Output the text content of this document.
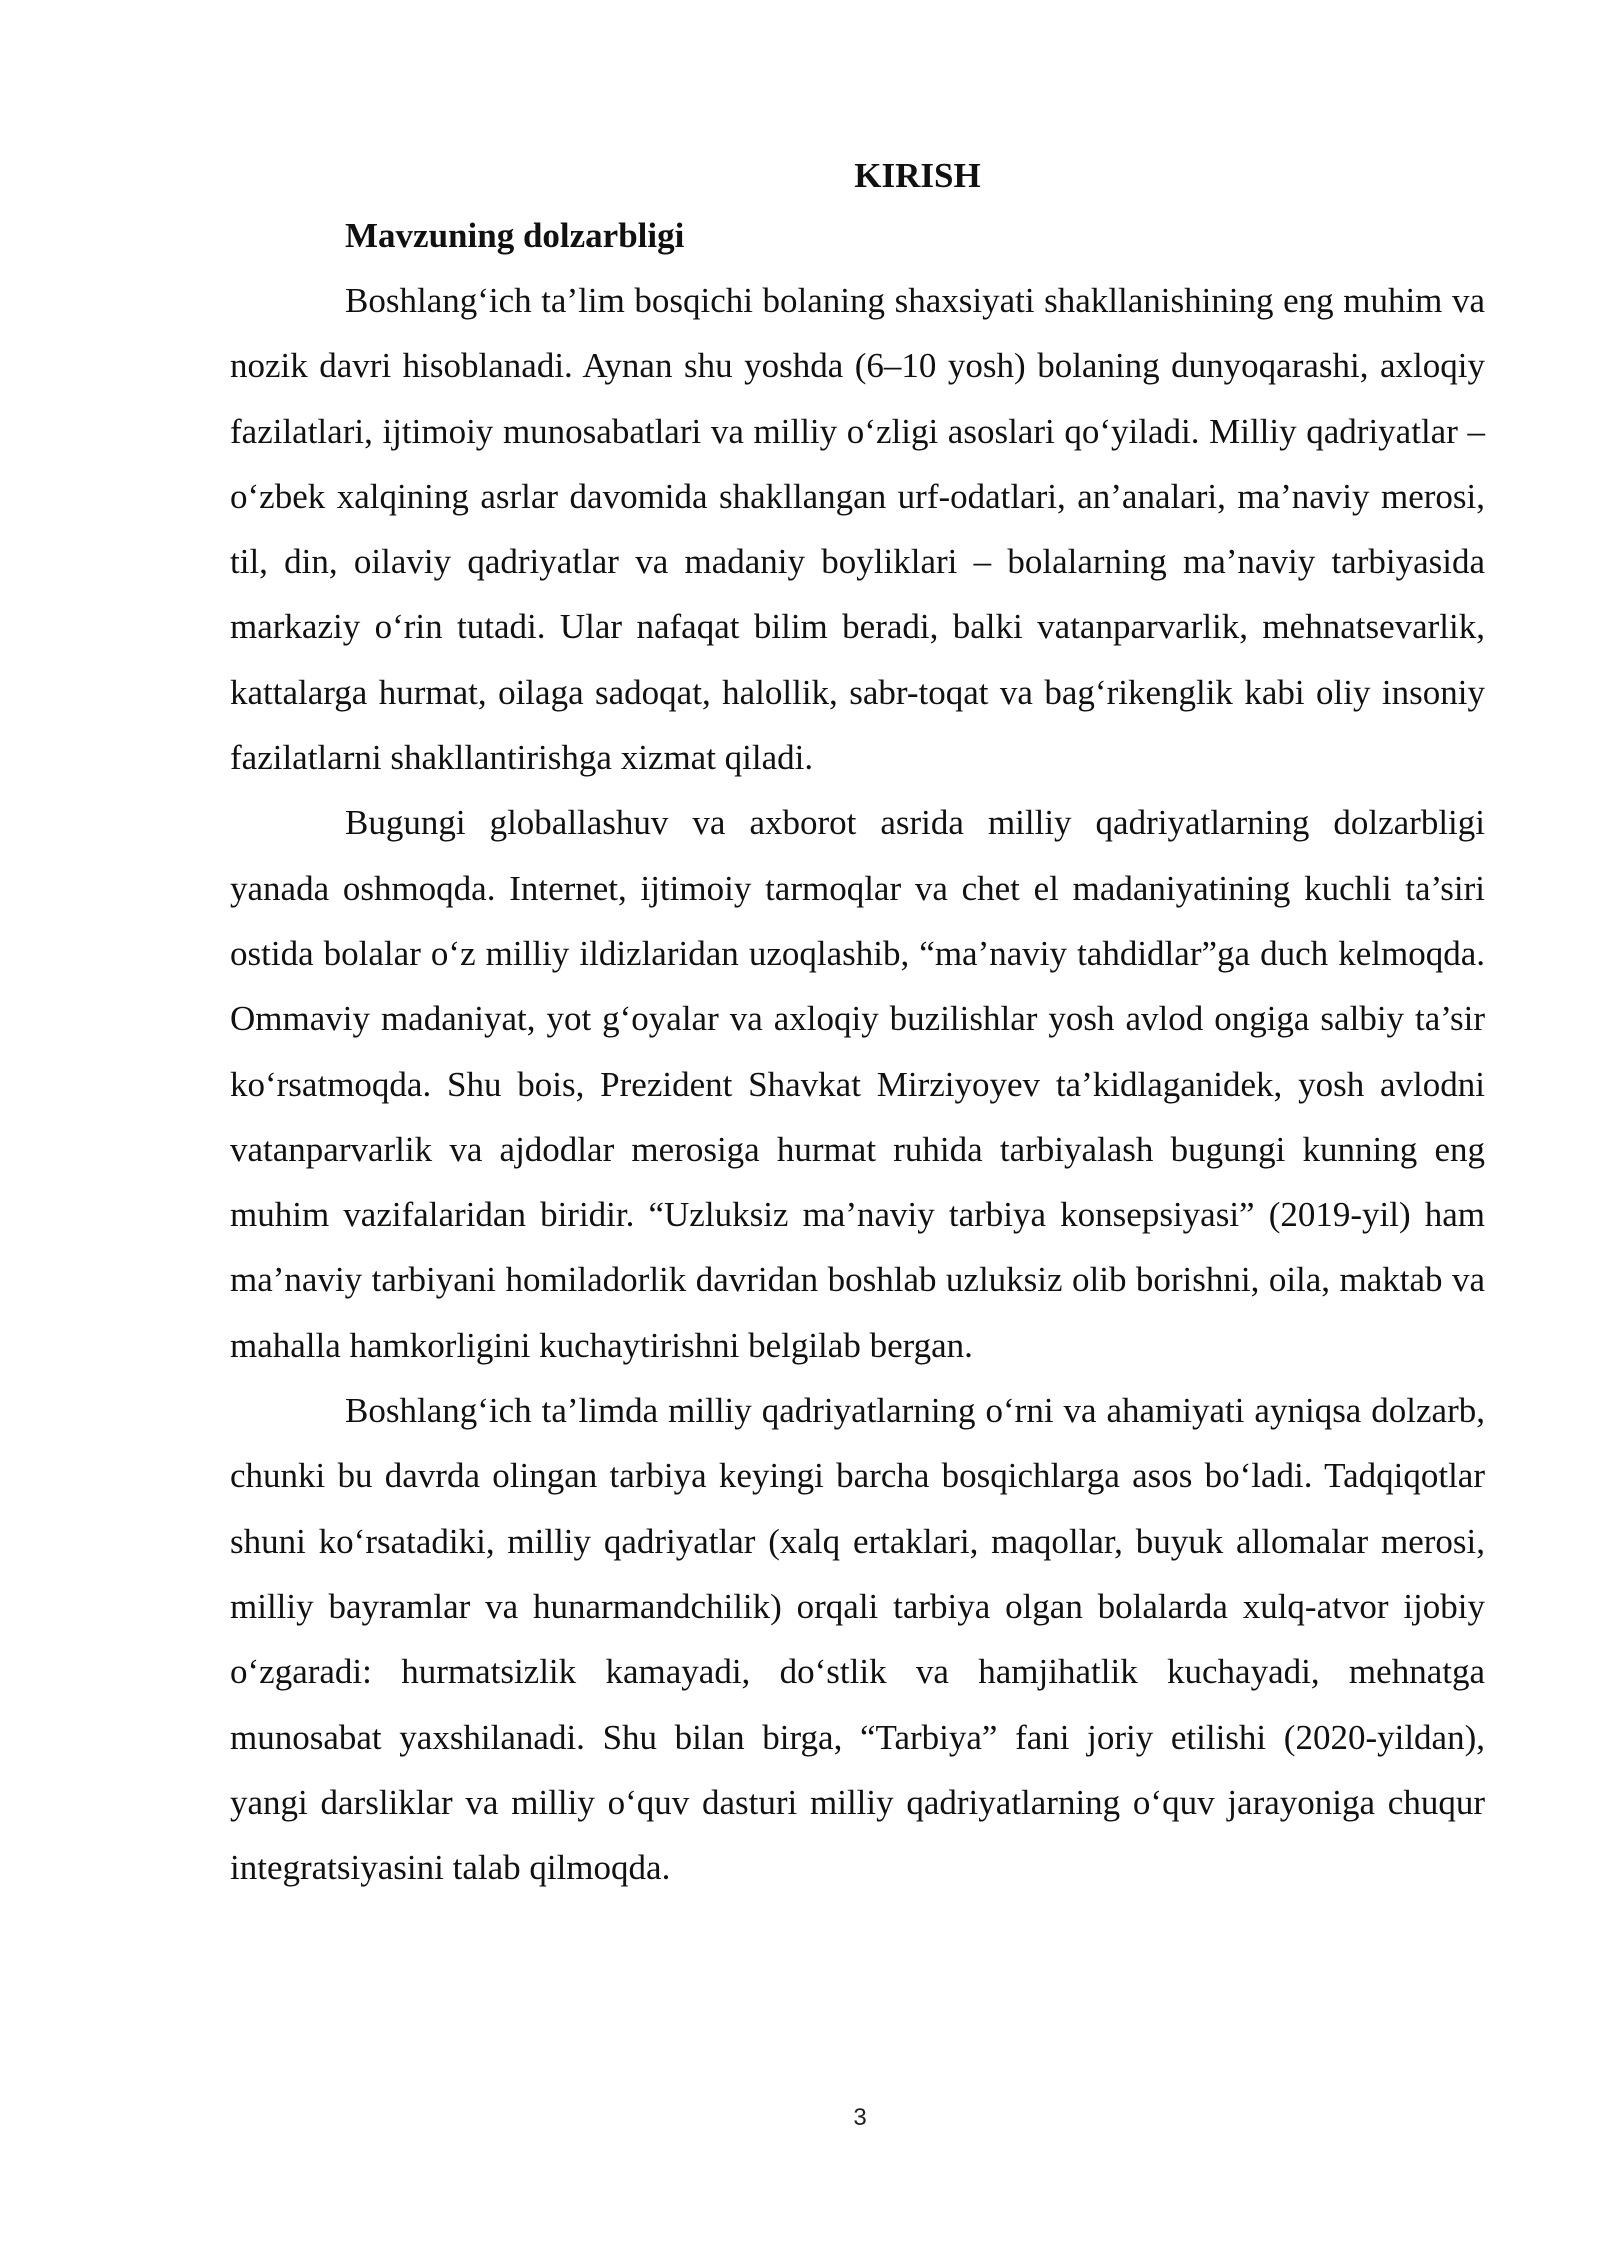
KIRISH
Mavzuning dolzarbligi

Boshlang‘ich ta’lim bosqichi bolaning shaxsiyati shakllanishining eng muhim va nozik davri hisoblanadi. Aynan shu yoshda (6–10 yosh) bolaning dunyoqarashi, axloqiy fazilatlari, ijtimoiy munosabatlari va milliy o‘zligi asoslari qo‘yiladi. Milliy qadriyatlar – o‘zbek xalqining asrlar davomida shakllangan urf-odatlari, an’analari, ma’naviy merosi, til, din, oilaviy qadriyatlar va madaniy boyliklari – bolalarning ma’naviy tarbiyasida markaziy o‘rin tutadi. Ular nafaqat bilim beradi, balki vatanparvarlik, mehnatsevarlik, kattalarga hurmat, oilaga sadoqat, halollik, sabr-toqat va bag‘rikenglik kabi oliy insoniy fazilatlarni shakllantirishga xizmat qiladi.

Bugungi globallashuv va axborot asrida milliy qadriyatlarning dolzarbligi yanada oshmoqda. Internet, ijtimoiy tarmoqlar va chet el madaniyatining kuchli ta’siri ostida bolalar o‘z milliy ildizlaridan uzoqlashib, “ma’naviy tahdidlar”ga duch kelmoqda. Ommaviy madaniyat, yot g‘oyalar va axloqiy buzilishlar yosh avlod ongiga salbiy ta’sir ko‘rsatmoqda. Shu bois, Prezident Shavkat Mirziyoyev ta’kidlaganidek, yosh avlodni vatanparvarlik va ajdodlar merosiga hurmat ruhida tarbiyalash bugungi kunning eng muhim vazifalaridan biridir. “Uzluksiz ma’naviy tarbiya konsepsiyasi” (2019-yil) ham ma’naviy tarbiyani homiladorlik davridan boshlab uzluksiz olib borishni, oila, maktab va mahalla hamkorligini kuchaytirishni belgilab bergan.

Boshlang‘ich ta’limda milliy qadriyatlarning o‘rni va ahamiyati ayniqsa dolzarb, chunki bu davrda olingan tarbiya keyingi barcha bosqichlarga asos bo‘ladi. Tadqiqotlar shuni ko‘rsatadiki, milliy qadriyatlar (xalq ertaklari, maqollar, buyuk allomalar merosi, milliy bayramlar va hunarmandchilik) orqali tarbiya olgan bolalarda xulq-atvor ijobiy o‘zgaradi: hurmatsizlik kamayadi, do‘stlik va hamjihatlik kuchayadi, mehnatga munosabat yaxshilanadi. Shu bilan birga, “Tarbiya” fani joriy etilishi (2020-yildan), yangi darsliklar va milliy o‘quv dasturi milliy qadriyatlarning o‘quv jarayoniga chuqur integratsiyasini talab qilmoqda.

3
